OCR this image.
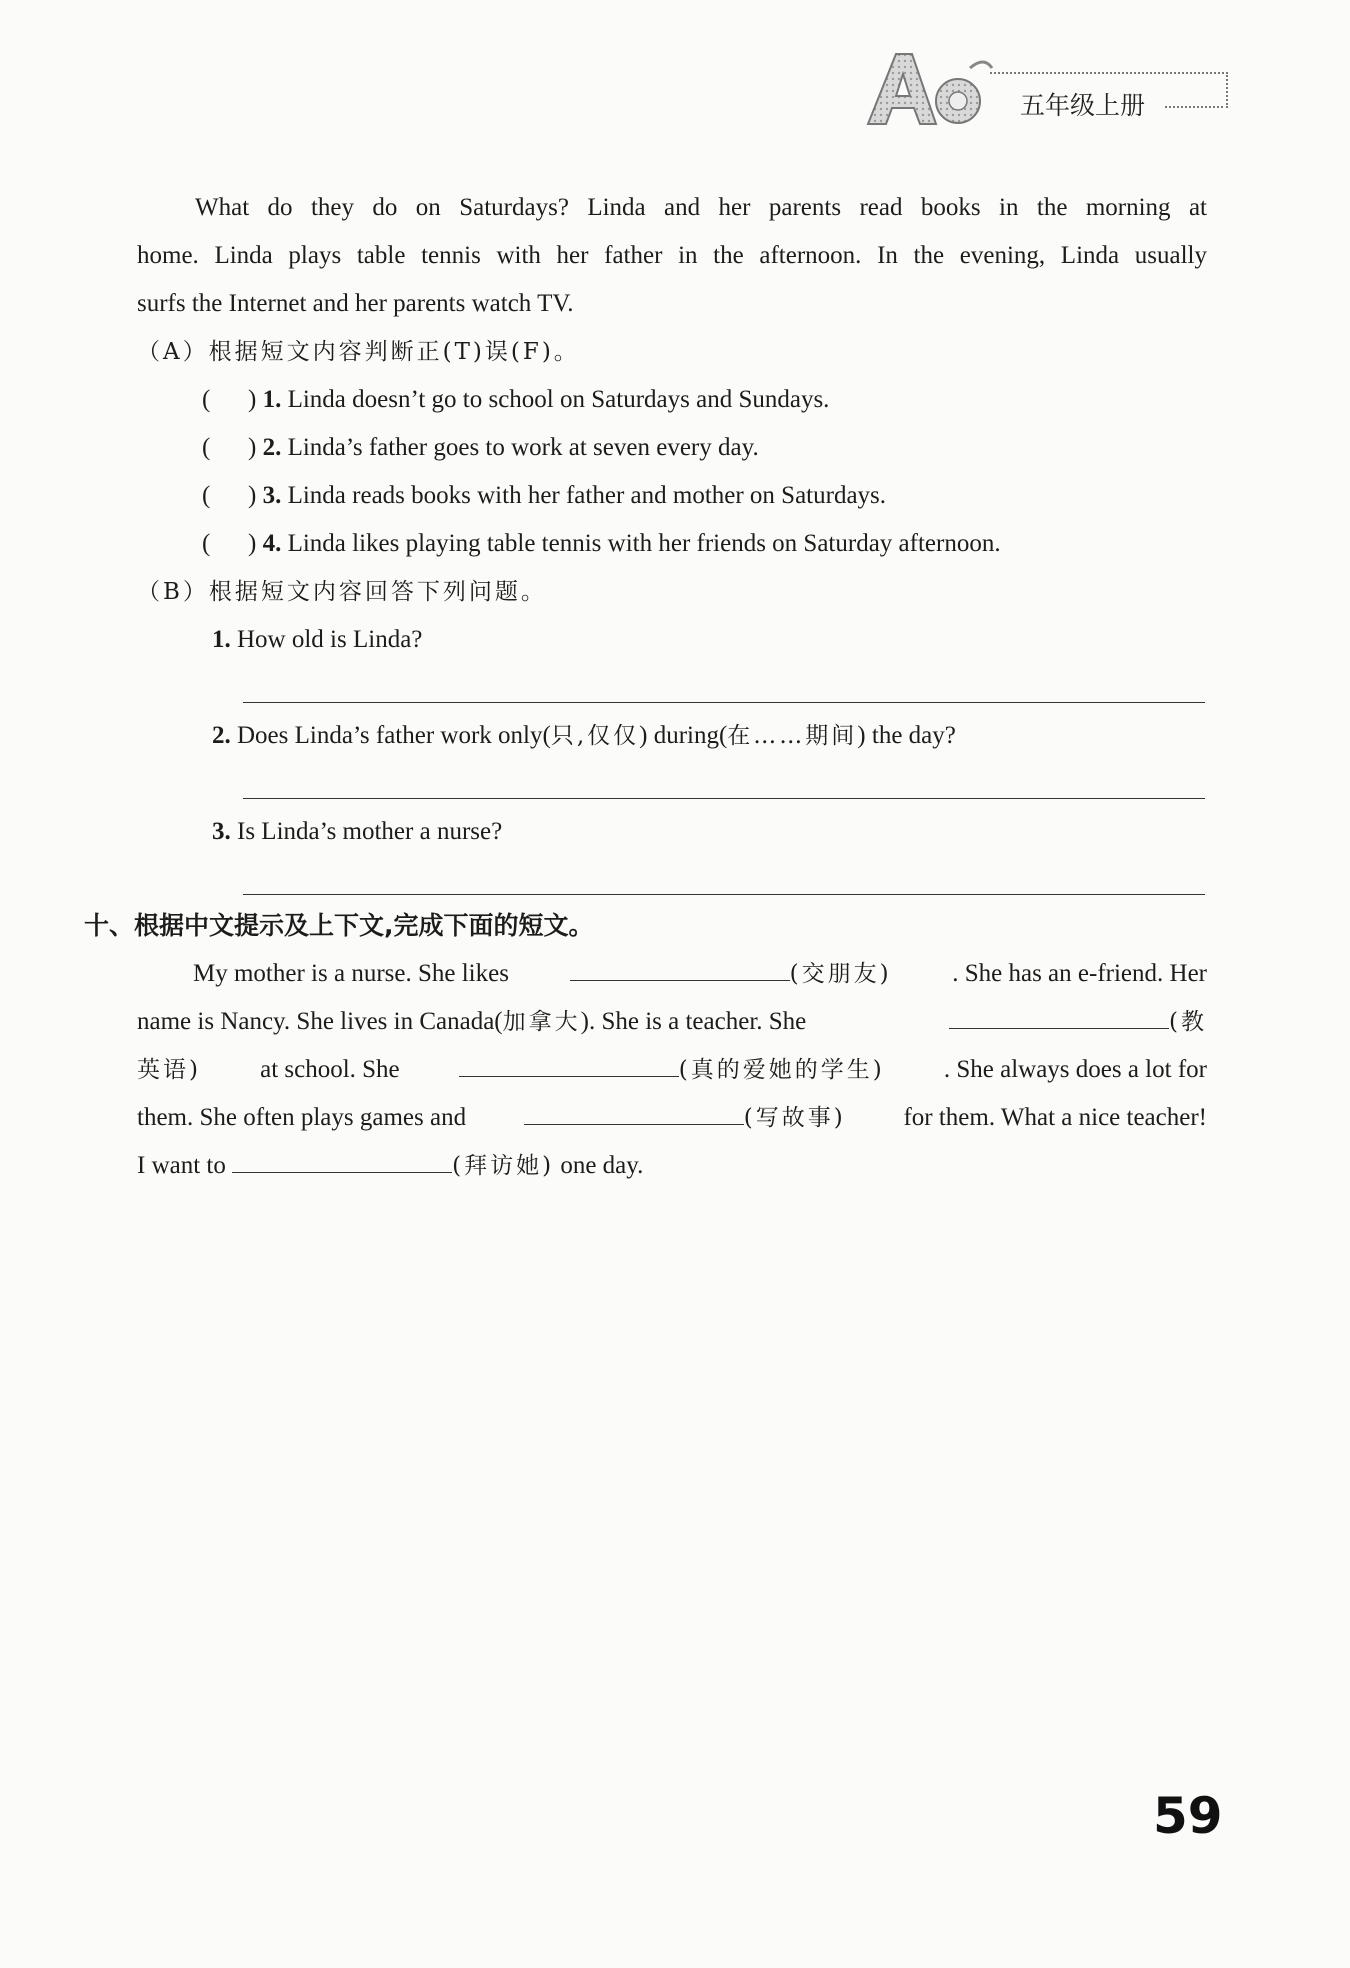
五年级上册
What do they do on Saturdays? Linda and her parents read books in the morning at
home. Linda plays table tennis with her father in the afternoon. In the evening, Linda usually
surfs the Internet and her parents watch TV.
（A）根据短文内容判断正(T)误(F)。
( ) 1. Linda doesn’t go to school on Saturdays and Sundays.
( ) 2. Linda’s father goes to work at seven every day.
( ) 3. Linda reads books with her father and mother on Saturdays.
( ) 4. Linda likes playing table tennis with her friends on Saturday afternoon.
（B）根据短文内容回答下列问题。
1. How old is Linda?
2. Does Linda’s father work only(只,仅仅) during(在……期间) the day?
3. Is Linda’s mother a nurse?
十、根据中文提示及上下文,完成下面的短文。
My mother is a nurse. She likes	(交朋友) . She has an e-friend. Her
name is Nancy. She lives in Canada(加拿大). She is a teacher. She	(教
英语) at school. She	(真的爱她的学生) . She always does a lot for
them. She often plays games and	(写故事) for them. What a nice teacher!
I want to	(拜访她) one day.
59
